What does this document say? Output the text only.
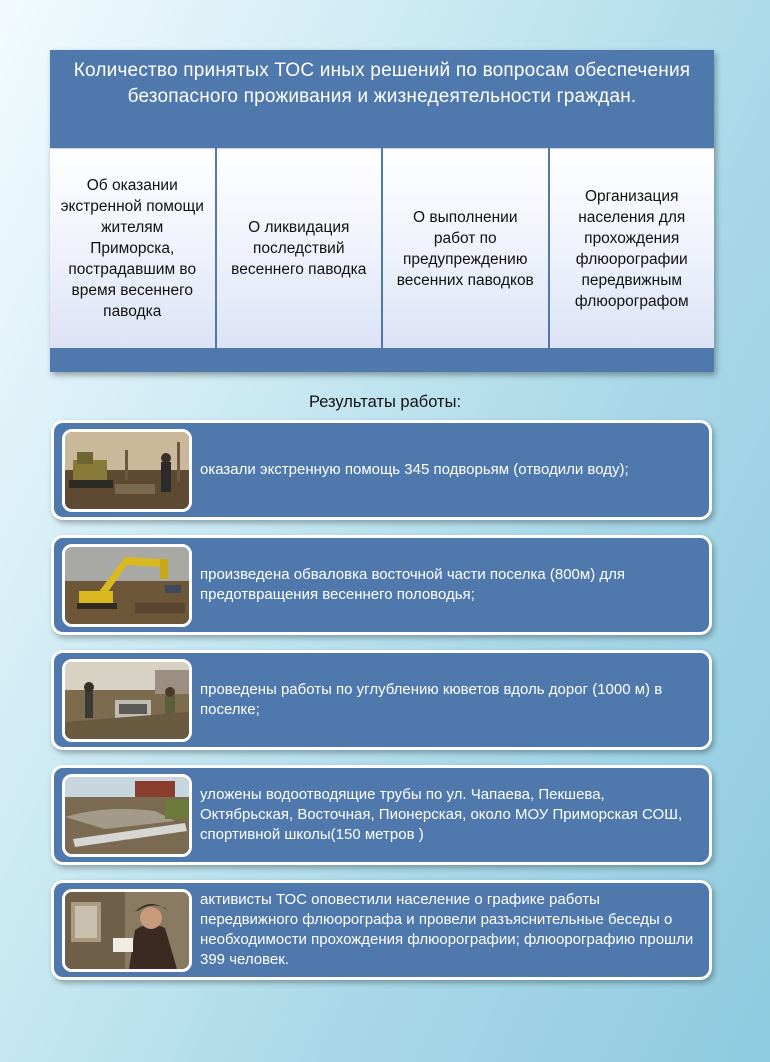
Количество принятых ТОС иных решений по вопросам обеспечения безопасного проживания и жизнедеятельности граждан.
Об оказании экстренной помощи жителям Приморска, пострадавшим во время весеннего паводка
О ликвидация последствий весеннего паводка
О выполнении работ по предупреждению весенних паводков
Организация населения для прохождения флюорографии передвижным флюорографом
Результаты работы:
оказали экстренную помощь 345 подворьям (отводили воду);
произведена обваловка восточной части поселка (800м) для предотвращения весеннего половодья;
проведены работы по углублению кюветов вдоль дорог (1000 м) в поселке;
уложены водоотводящие трубы по ул. Чапаева, Пекшева, Октябрьская, Восточная, Пионерская, около МОУ Приморская СОШ, спортивной школы(150 метров )
активисты ТОС оповестили население о графике работы передвижного флюорографа и провели разъяснительные беседы о необходимости прохождения флюорографии; флюорографию прошли 399 человек.
